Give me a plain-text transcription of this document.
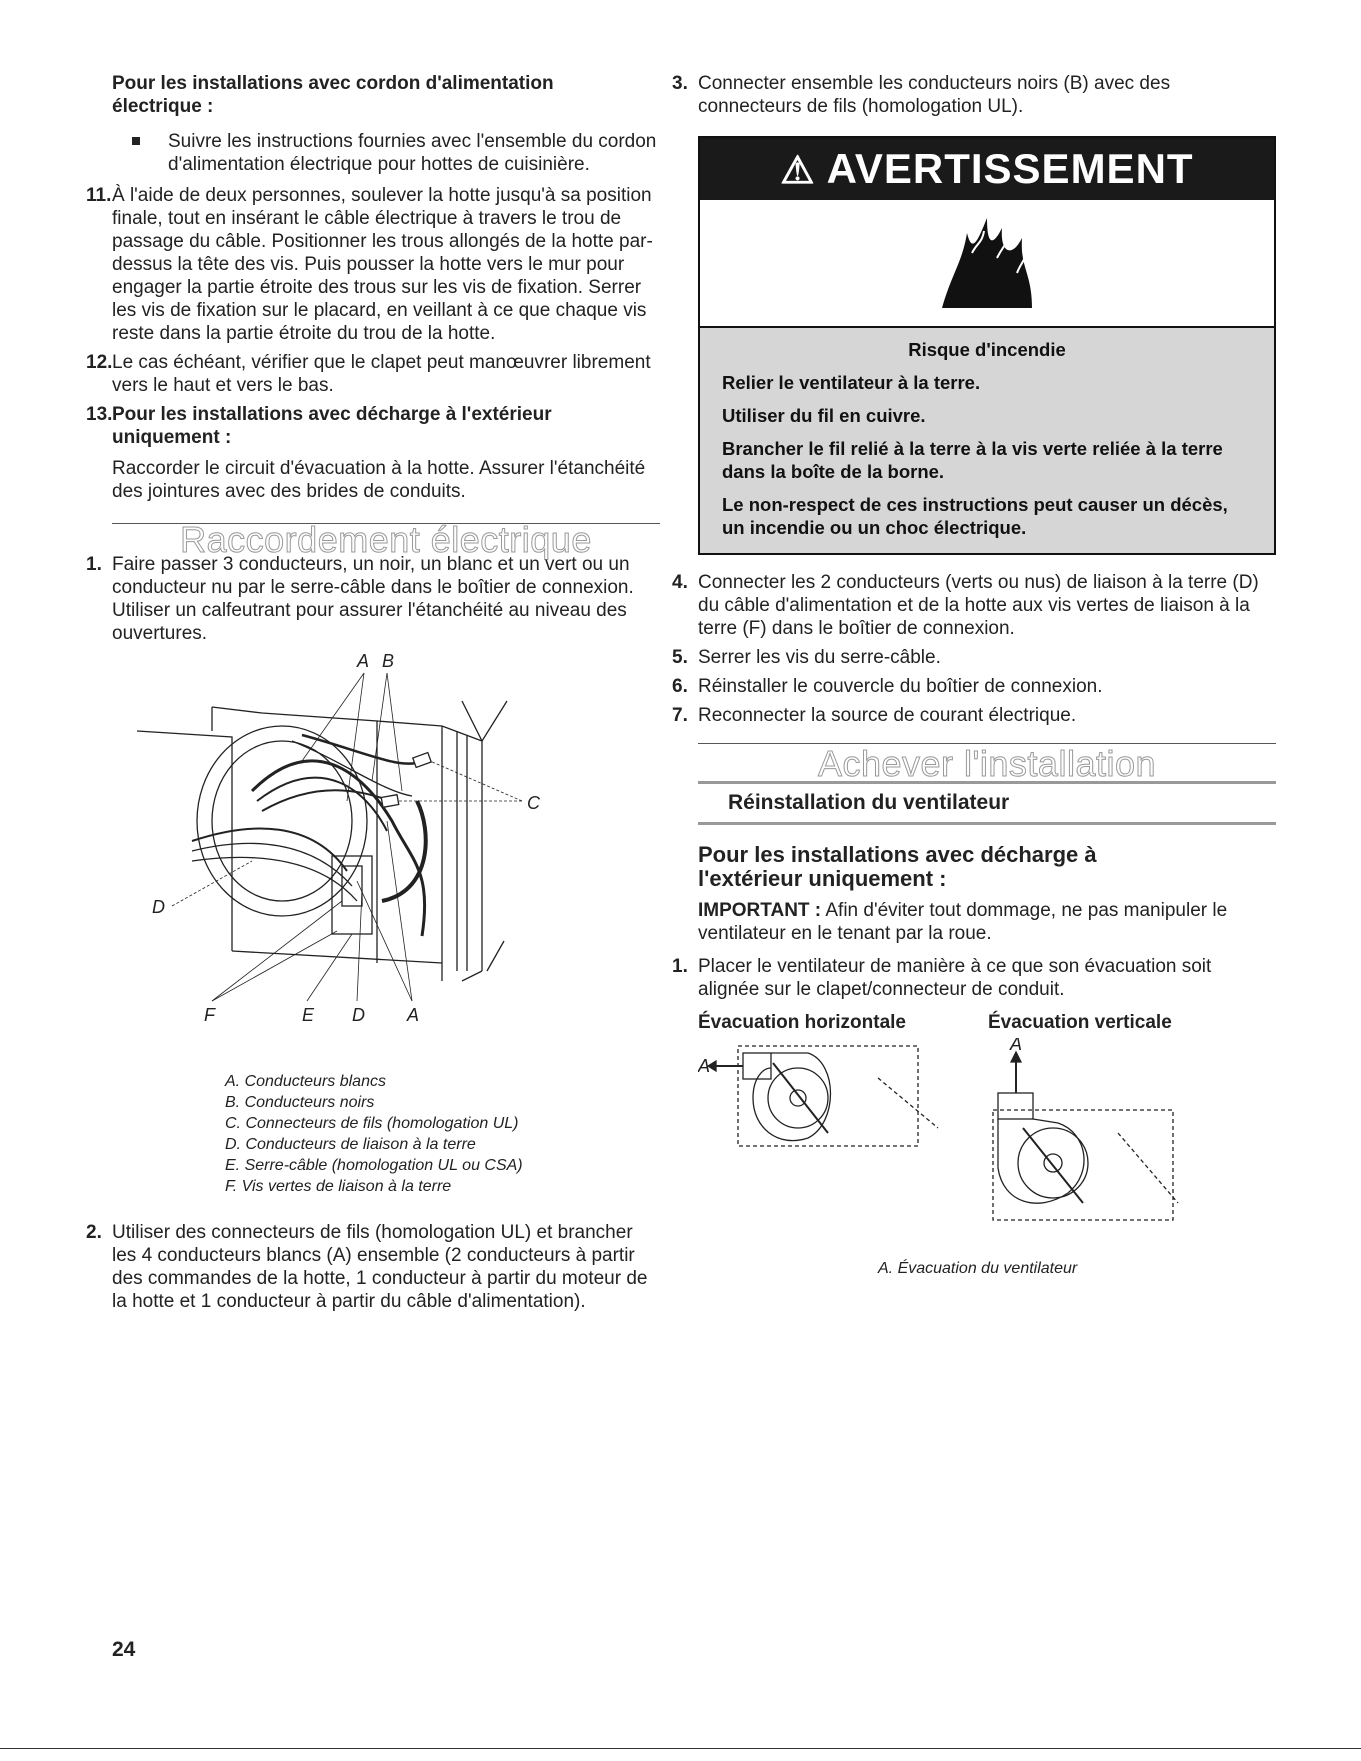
Pour les installations avec cordon d'alimentation électrique :
Suivre les instructions fournies avec l'ensemble du cordon d'alimentation électrique pour hottes de cuisinière.
11. À l'aide de deux personnes, soulever la hotte jusqu'à sa position finale, tout en insérant le câble électrique à travers le trou de passage du câble. Positionner les trous allongés de la hotte par-dessus la tête des vis. Puis pousser la hotte vers le mur pour engager la partie étroite des trous sur les vis de fixation. Serrer les vis de fixation sur le placard, en veillant à ce que chaque vis reste dans la partie étroite du trou de la hotte.
12. Le cas échéant, vérifier que le clapet peut manœuvrer librement vers le haut et vers le bas.
13. Pour les installations avec décharge à l'extérieur uniquement :
Raccorder le circuit d'évacuation à la hotte. Assurer l'étanchéité des jointures avec des brides de conduits.
Raccordement électrique
1. Faire passer 3 conducteurs, un noir, un blanc et un vert ou un conducteur nu par le serre-câble dans le boîtier de connexion. Utiliser un calfeutrant pour assurer l'étanchéité au niveau des ouvertures.
A B
C
D
F	E D A
A. Conducteurs blancs
B. Conducteurs noirs
C. Connecteurs de fils (homologation UL)
D. Conducteurs de liaison à la terre
E. Serre-câble (homologation UL ou CSA)
F. Vis vertes de liaison à la terre
2. Utiliser des connecteurs de fils (homologation UL) et brancher les 4 conducteurs blancs (A) ensemble (2 conducteurs à partir des commandes de la hotte, 1 conducteur à partir du moteur de la hotte et 1 conducteur à partir du câble d'alimentation).
3. Connecter ensemble les conducteurs noirs (B) avec des connecteurs de fils (homologation UL).
⚠ AVERTISSEMENT
Risque d'incendie
Relier le ventilateur à la terre.
Utiliser du fil en cuivre.
Brancher le fil relié à la terre à la vis verte reliée à la terre dans la boîte de la borne.
Le non-respect de ces instructions peut causer un décès, un incendie ou un choc électrique.
4. Connecter les 2 conducteurs (verts ou nus) de liaison à la terre (D) du câble d'alimentation et de la hotte aux vis vertes de liaison à la terre (F) dans le boîtier de connexion.
5. Serrer les vis du serre-câble.
6. Réinstaller le couvercle du boîtier de connexion.
7. Reconnecter la source de courant électrique.
Achever l'installation
Réinstallation du ventilateur
Pour les installations avec décharge à l'extérieur uniquement :
IMPORTANT : Afin d'éviter tout dommage, ne pas manipuler le ventilateur en le tenant par la roue.
1. Placer le ventilateur de manière à ce que son évacuation soit alignée sur le clapet/connecteur de conduit.
Évacuation horizontale	Évacuation verticale
A
A
A. Évacuation du ventilateur
24
